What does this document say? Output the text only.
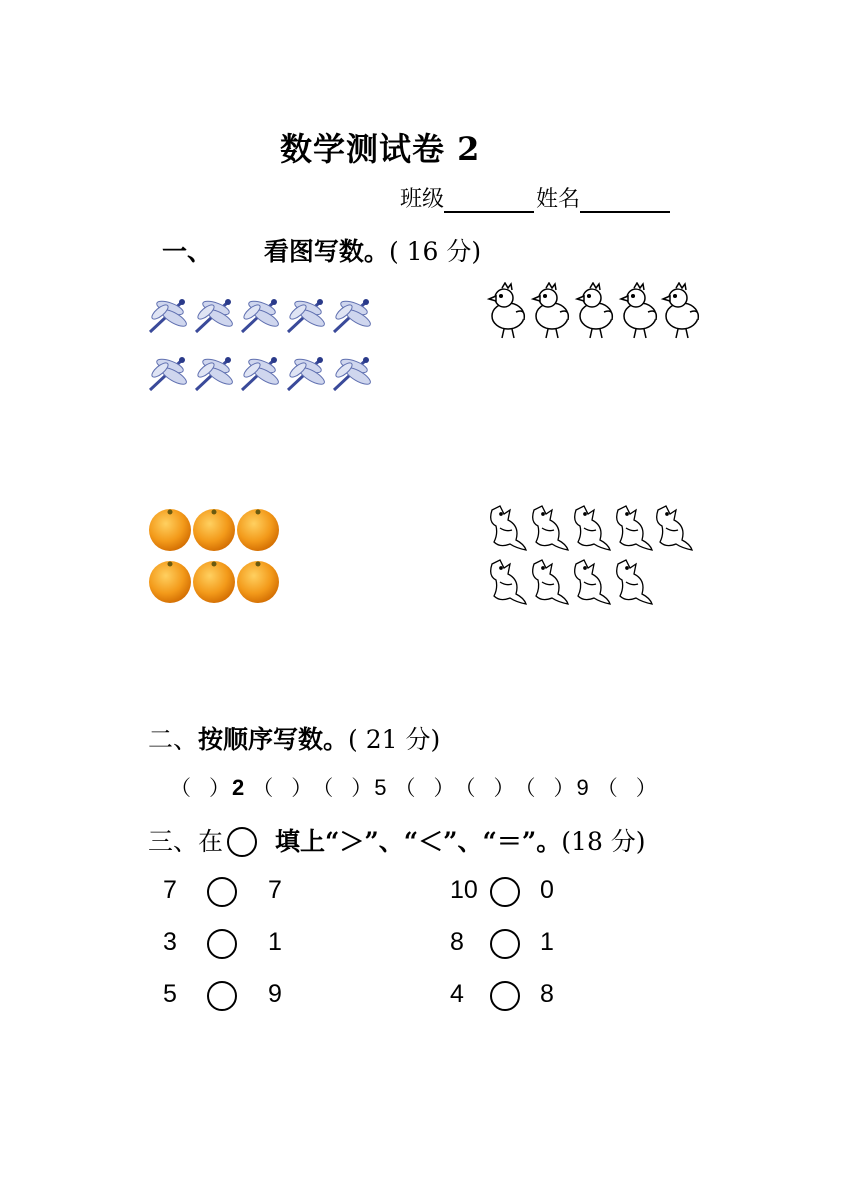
数学测试卷 2
班级	姓名
一、 看图写数。( 16 分)
二、按顺序写数。( 21 分)
（ ）2 （ ）（ ）5 （ ）（ ）（ ）9 （ ）
三、在 填上“＞”、“＜”、“＝”。(18 分)
7	7	10 0
3	1	8	1
5	9	4	8
